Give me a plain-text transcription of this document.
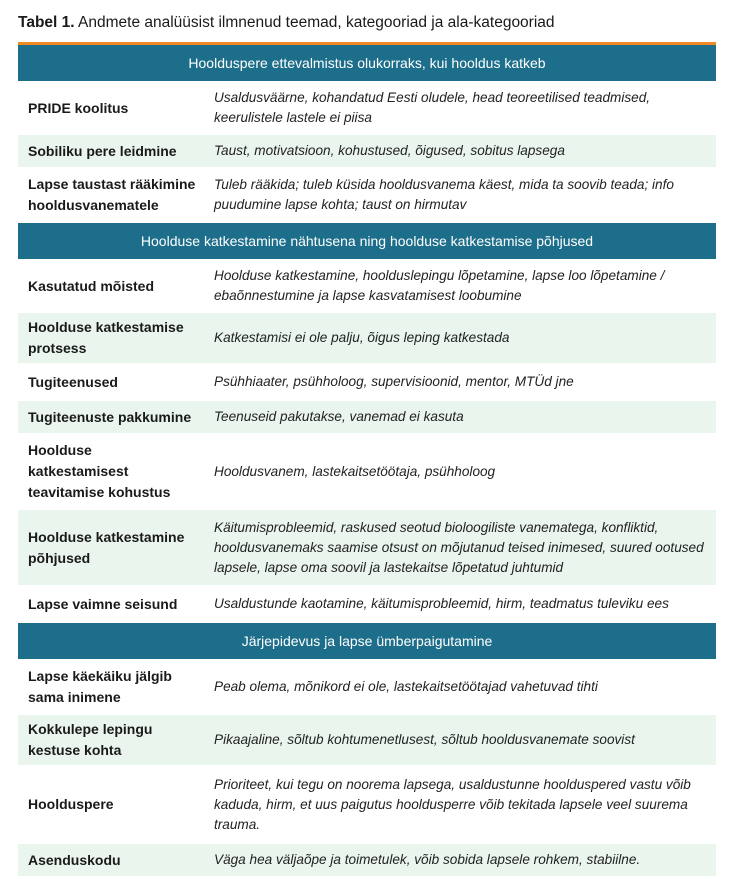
Tabel 1. Andmete analüüsist ilmnenud teemad, kategooriad ja ala-kategooriad
Hoolduspere ettevalmistus olukorraks, kui hooldus katkeb	
PRIDE koolitus	Usaldusväärne, kohandatud Eesti oludele, head teoreetilised teadmised, keerulistele lastele ei piisa
Sobiliku pere leidmine	Taust, motivatsioon, kohustused, õigused, sobitus lapsega
Lapse taustast rääkimine hooldusvanematele	Tuleb rääkida; tuleb küsida hooldusvanema käest, mida ta soovib teada; info puudumine lapse kohta; taust on hirmutav
Hoolduse katkestamine nähtusena ning hoolduse katkestamise põhjused	
Kasutatud mõisted	Hoolduse katkestamine, hoolduslepingu lõpetamine, lapse loo lõpetamine / ebaõnnestumine ja lapse kasvatamisest loobumine
Hoolduse katkestamise protsess	Katkestamisi ei ole palju, õigus leping katkestada
Tugiteenused	Psühhiaater, psühholoog, supervisioonid, mentor, MTÜd jne
Tugiteenuste pakkumine	Teenuseid pakutakse, vanemad ei kasuta
Hoolduse katkestamisest teavitamise kohustus	Hooldusvanem, lastekaitsetöötaja, psühholoog
Hoolduse katkestamine põhjused	Käitumisprobleemid, raskused seotud bioloogiliste vanematega, konfliktid, hooldusvanemaks saamise otsust on mõjutanud teised inimesed, suured ootused lapsele, lapse oma soovil ja lastekaitse lõpetatud juhtumid
Lapse vaimne seisund	Usaldustunde kaotamine, käitumisprobleemid, hirm, teadmatus tuleviku ees
Järjepidevus ja lapse ümberpaigutamine	
Lapse käekäiku jälgib sama inimene	Peab olema, mõnikord ei ole, lastekaitsetöötajad vahetuvad tihti
Kokkulepe lepingu kestuse kohta	Pikaajaline, sõltub kohtumenetlusest, sõltub hooldusvanemate soovist
Hoolduspere	Prioriteet, kui tegu on noorema lapsega, usaldustunne hoolduspered vastu võib kaduda, hirm, et uus paigutus hooldusperre võib tekitada lapsele veel suurema trauma.
Asenduskodu	Väga hea väljaõpe ja toimetulek, võib sobida lapsele rohkem, stabiilne.
